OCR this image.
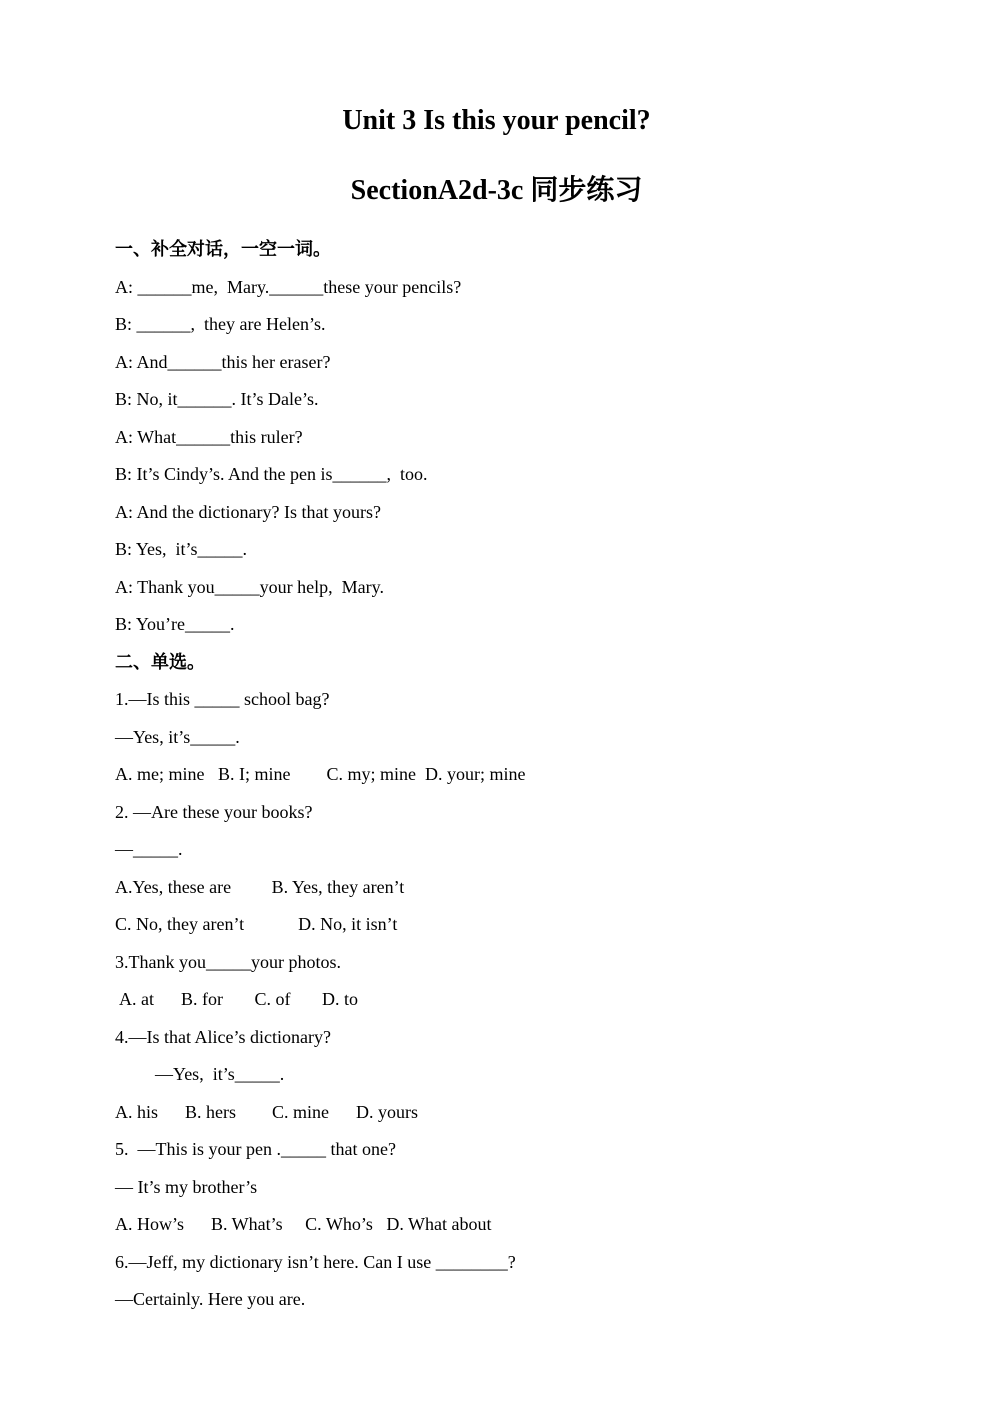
Unit 3 Is this your pencil?
SectionA2d-3c 同步练习
一、补全对话，一空一词。
A: ______me,  Mary.______these your pencils?
B: ______,  they are Helen’s.
A: And______this her eraser?
B: No, it______. It’s Dale’s.
A: What______this ruler?
B: It’s Cindy’s. And the pen is______,  too.
A: And the dictionary? Is that yours?
B: Yes,  it’s_____.
A: Thank you_____your help,  Mary.
B: You’re_____.
二、单选。
1.—Is this _____ school bag?
—Yes, it’s_____.
A. me; mine   B. I; mine        C. my; mine  D. your; mine
2. —Are these your books?
—_____.
A.Yes, these are         B. Yes, they aren’t
C. No, they aren’t            D. No, it isn’t
3.Thank you_____your photos.
A. at      B. for       C. of       D. to
4.—Is that Alice’s dictionary?
—Yes,  it’s_____.
A. his      B. hers        C. mine      D. yours
5.  —This is your pen ._____ that one?
— It’s my brother’s
A. How’s      B. What’s     C. Who’s   D. What about
6.—Jeff, my dictionary isn’t here. Can I use ________?
—Certainly. Here you are.
